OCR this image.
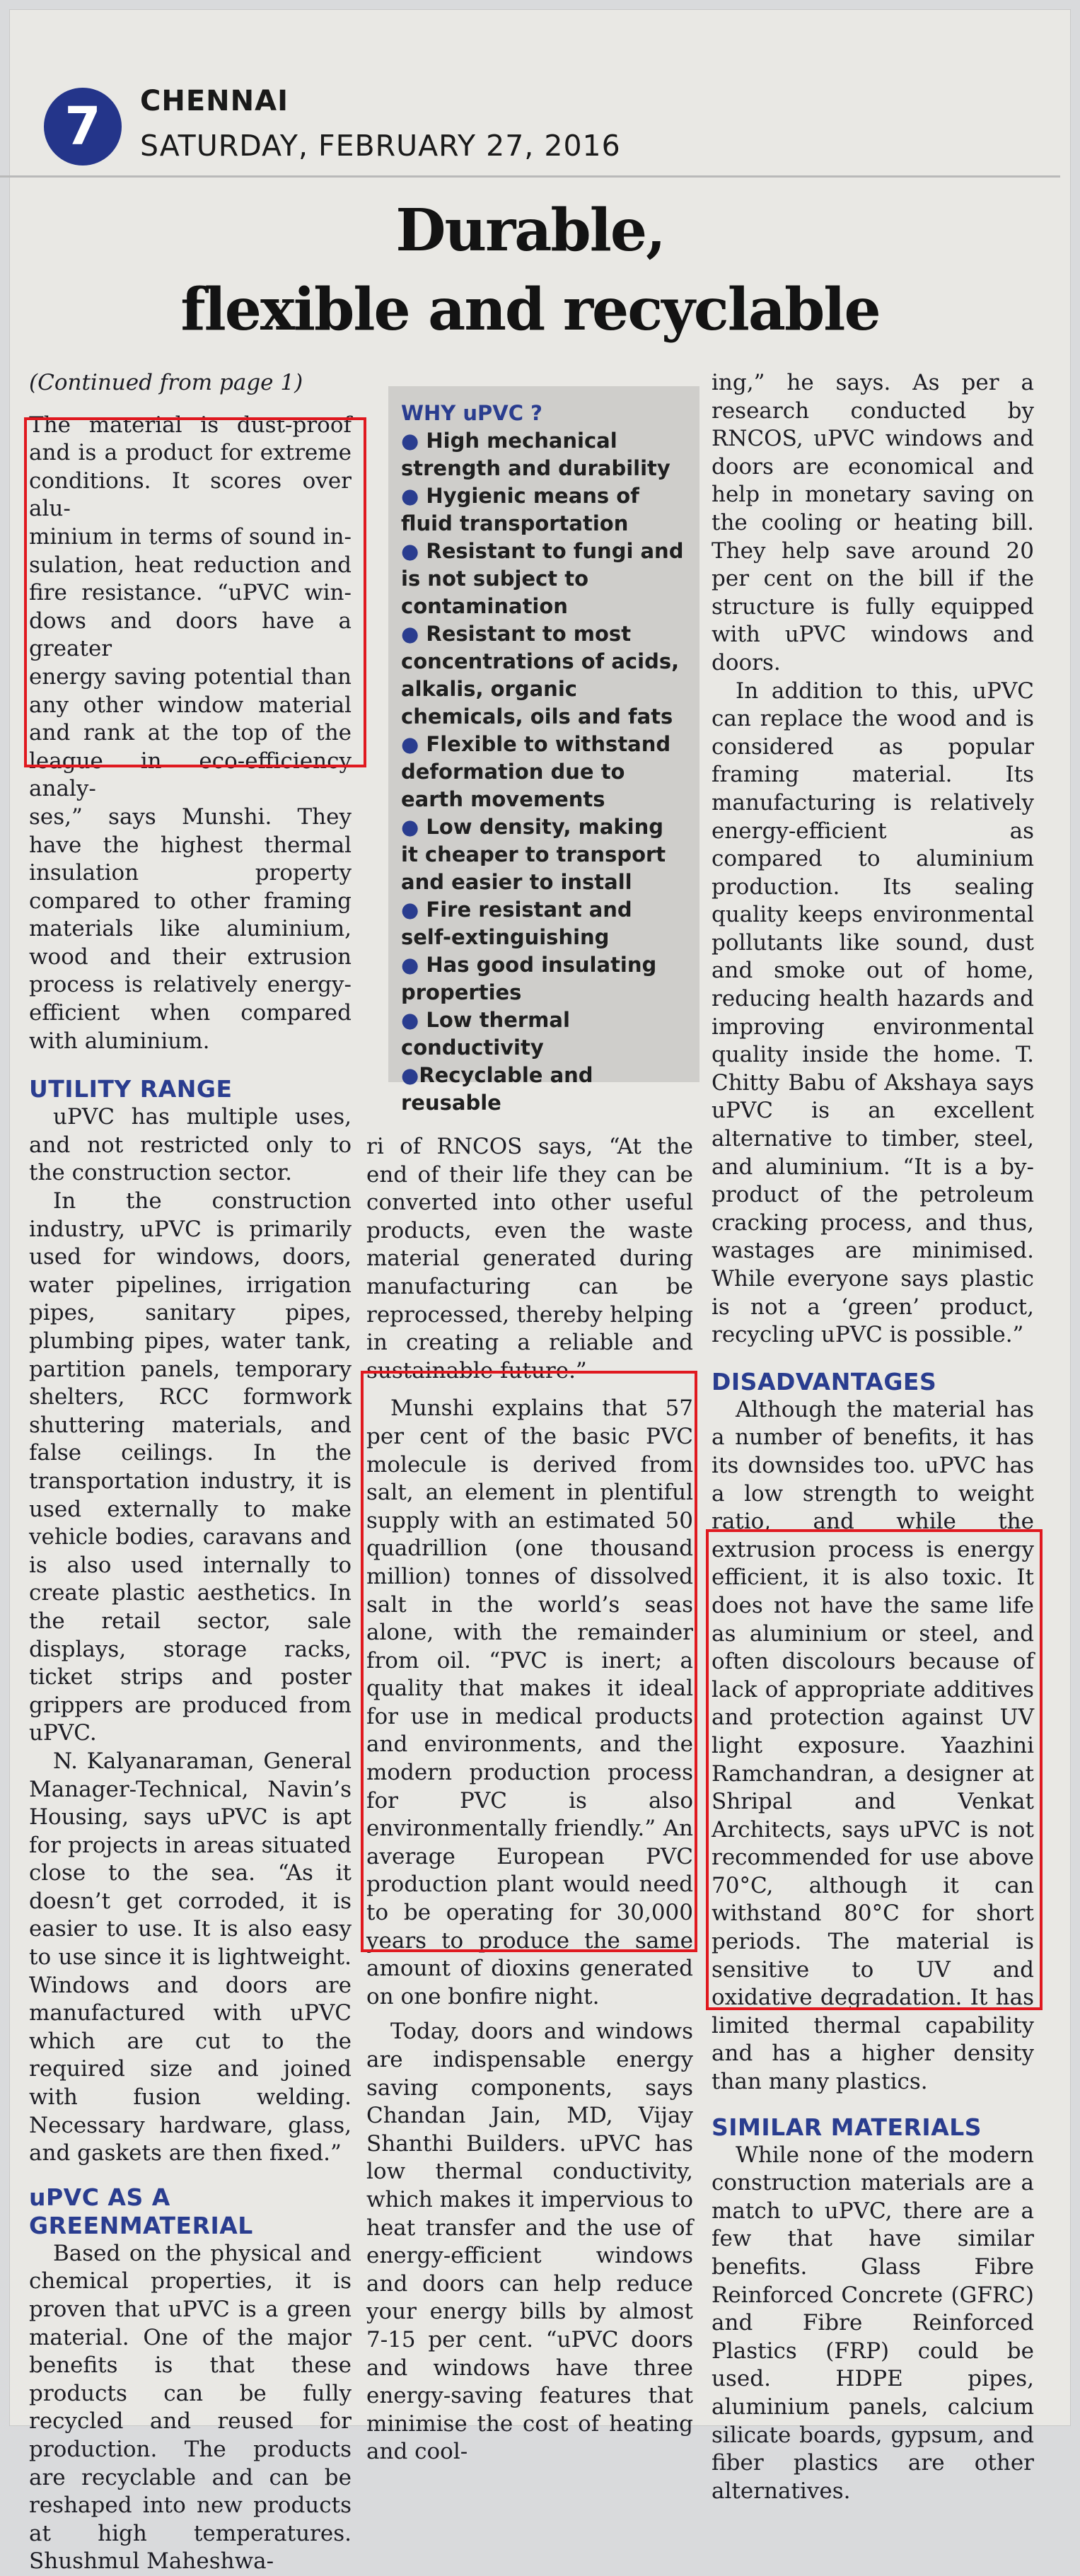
7 CHENNAI
SATURDAY, FEBRUARY 27, 2016
Durable,
flexible and recyclable

(Continued from page 1)

The material is dust-proof
and is a product for extreme
conditions. It scores over alu-
minium in terms of sound in-
sulation, heat reduction and
fire resistance. “uPVC win-
dows and doors have a greater
energy saving potential than
any other window material
and rank at the top of the
league in eco-efficiency analy-
ses,” says Munshi. They

have the highest thermal insulation property compared to other framing materials like aluminium, wood and their extrusion process is relatively energy-efficient when compared with aluminium.

UTILITY RANGE

uPVC has multiple uses, and not restricted only to the construction sector.

In the construction industry, uPVC is primarily used for windows, doors, water pipelines, irrigation pipes, sanitary pipes, plumbing pipes, water tank, partition panels, temporary shelters, RCC formwork shuttering materials, and false ceilings. In the transportation industry, it is used externally to make vehicle bodies, caravans and is also used internally to create plastic aesthetics. In the retail sector, sale displays, storage racks, ticket strips and poster grippers are produced from uPVC.

N. Kalyanaraman, General Manager-Technical, Navin’s Housing, says uPVC is apt for projects in areas situated close to the sea. “As it doesn’t get corroded, it is easier to use. It is also easy to use since it is lightweight. Windows and doors are manufactured with uPVC which are cut to the required size and joined with fusion welding. Necessary hardware, glass, and gaskets are then fixed.”

uPVC AS A
GREENMATERIAL

Based on the physical and chemical properties, it is proven that uPVC is a green material. One of the major benefits is that these products can be fully recycled and reused for production. The products are recyclable and can be reshaped into new products at high temperatures. Shushmul Maheshwa-

WHY uPVC ?
● High mechanical strength and durability
● Hygienic means of fluid transportation
● Resistant to fungi and is not subject to contamination
● Resistant to most concentrations of acids, alkalis, organic chemicals, oils and fats
● Flexible to withstand deformation due to earth movements
● Low density, making it cheaper to transport and easier to install
● Fire resistant and self-extinguishing
● Has good insulating properties
● Low thermal conductivity
●Recyclable and reusable

ri of RNCOS says, “At the end of their life they can be converted into other useful products, even the waste material generated during manufacturing can be reprocessed, thereby helping in creating a reliable and sustainable future.”

Munshi explains that 57 per cent of the basic PVC molecule is derived from salt, an element in plentiful supply with an estimated 50 quadrillion (one thousand million) tonnes of dissolved salt in the world’s seas alone, with the remainder from oil. “PVC is inert; a quality that makes it ideal for use in medical products and environments, and the modern production process for PVC is also environmentally friendly.” An average European PVC production plant would need to be operating for 30,000 years to produce the same amount of dioxins generated on one bonfire night.

Today, doors and windows are indispensable energy saving components, says Chandan Jain, MD, Vijay Shanthi Builders. uPVC has low thermal conductivity, which makes it impervious to heat transfer and the use of energy-efficient windows and doors can help reduce your energy bills by almost 7-15 per cent. “uPVC doors and windows have three energy-saving features that minimise the cost of heating and cool-

ing,” he says. As per a research conducted by RNCOS, uPVC windows and doors are economical and help in monetary saving on the cooling or heating bill. They help save around 20 per cent on the bill if the structure is fully equipped with uPVC windows and doors.

In addition to this, uPVC can replace the wood and is considered as popular framing material. Its manufacturing is relatively energy-efficient as compared to aluminium production. Its sealing quality keeps environmental pollutants like sound, dust and smoke out of home, reducing health hazards and improving environmental quality inside the home. T. Chitty Babu of Akshaya says uPVC is an excellent alternative to timber, steel, and aluminium. “It is a by-product of the petroleum cracking process, and thus, wastages are minimised. While everyone says plastic is not a ‘green’ product, recycling uPVC is possible.”

DISADVANTAGES

Although the material has a number of benefits, it has its downsides too. uPVC has a low strength to weight ratio, and while the extrusion process is energy efficient, it is also toxic. It does not have the same life as aluminium or steel, and often discolours because of lack of appropriate additives and protection against UV light exposure. Yaazhini Ramchandran, a designer at Shripal and Venkat Architects, says uPVC is not recommended for use above 70°C, although it can withstand 80°C for short periods. The material is sensitive to UV and oxidative degradation. It has limited thermal capability and has a higher density than many plastics.

SIMILAR MATERIALS

While none of the modern construction materials are a match to uPVC, there are a few that have similar benefits. Glass Fibre Reinforced Concrete (GFRC) and Fibre Reinforced Plastics (FRP) could be used. HDPE pipes, aluminium panels, calcium silicate boards, gypsum, and fiber plastics are other alternatives.
